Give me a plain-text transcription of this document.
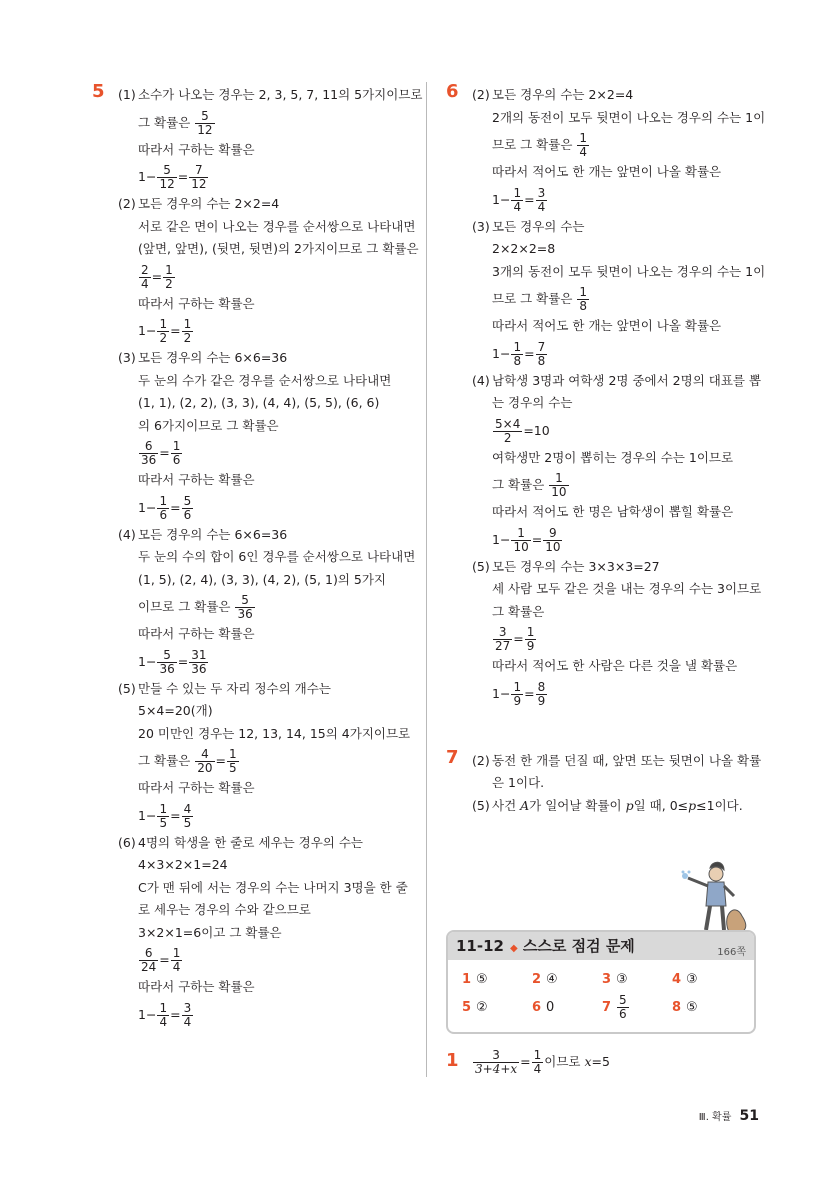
5 (1) 소수가 나오는 경우는 2, 3, 5, 7, 11의 5가지이므로
그 확률은 $\frac{5}{12}$
따라서 구하는 확률은
$1- \frac{5}{12} = \frac{7}{12}$
(2) 모든 경우의 수는 2×2=4
서로 같은 면이 나오는 경우를 순서쌍으로 나타내면
(앞면, 앞면), (뒷면, 뒷면)의 2가지이므로 그 확률은
$\frac{2}{4} = \frac{1}{2}$
따라서 구하는 확률은
$1- \frac{1}{2} = \frac{1}{2}$
(3) 모든 경우의 수는 6×6=36
두 눈의 수가 같은 경우를 순서쌍으로 나타내면
(1, 1), (2, 2), (3, 3), (4, 4), (5, 5), (6, 6)
의 6가지이므로 그 확률은
$\frac{6}{36} = \frac{1}{6}$
따라서 구하는 확률은
$1- \frac{1}{6} = \frac{5}{6}$
(4) 모든 경우의 수는 6×6=36
두 눈의 수의 합이 6인 경우를 순서쌍으로 나타내면
(1, 5), (2, 4), (3, 3), (4, 2), (5, 1)의 5가지
이므로 그 확률은 $\frac{5}{36}$
따라서 구하는 확률은
$1- \frac{5}{36} = \frac{31}{36}$
(5) 만들 수 있는 두 자리 정수의 개수는
5×4=20(개)
20 미만인 경우는 12, 13, 14, 15의 4가지이므로
그 확률은 $\frac{4}{20} = \frac{1}{5}$
따라서 구하는 확률은
$1- \frac{1}{5} = \frac{4}{5}$
(6) 4명의 학생을 한 줄로 세우는 경우의 수는
4×3×2×1=24
C가 맨 뒤에 서는 경우의 수는 나머지 3명을 한 줄
로 세우는 경우의 수와 같으므로
3×2×1=6이고 그 확률은
$\frac{6}{24} = \frac{1}{4}$
따라서 구하는 확률은
$1- \frac{1}{4} = \frac{3}{4}$
6 (2) 모든 경우의 수는 2×2=4
2개의 동전이 모두 뒷면이 나오는 경우의 수는 1이
므로 그 확률은 $\frac{1}{4}$
따라서 적어도 한 개는 앞면이 나올 확률은
$1- \frac{1}{4} = \frac{3}{4}$
(3) 모든 경우의 수는
2×2×2=8
3개의 동전이 모두 뒷면이 나오는 경우의 수는 1이
므로 그 확률은 $\frac{1}{8}$
따라서 적어도 한 개는 앞면이 나올 확률은
$1- \frac{1}{8} = \frac{7}{8}$
(4) 남학생 3명과 여학생 2명 중에서 2명의 대표를 뽑
는 경우의 수는
$\frac{5\times 4}{2} =10$
여학생만 2명이 뽑히는 경우의 수는 1이므로
그 확률은 $\frac{1}{10}$
따라서 적어도 한 명은 남학생이 뽑힐 확률은
$1- \frac{1}{10} = \frac{9}{10}$
(5) 모든 경우의 수는 3×3×3=27
세 사람 모두 같은 것을 내는 경우의 수는 3이므로
그 확률은
$\frac{3}{27} = \frac{1}{9}$
따라서 적어도 한 사람은 다른 것을 낼 확률은
$1- \frac{1}{9} = \frac{8}{9}$
7 (2) 동전 한 개를 던질 때, 앞면 또는 뒷면이 나올 확률
은 1이다.
(5) 사건 A가 일어날 확률이 p일 때, 0≤p≤1이다.
11-12 ◆ 스스로 점검 문제	166쪽
1 ⑤	2 ④	3 ③	4 ③
5 ②	6 0	$7 \frac{5}{6}$	8 ⑤
$1 \frac{3}{3+4+x} = \frac{1}{4}$ 이므로 x=5
Ⅲ. 확률 51
